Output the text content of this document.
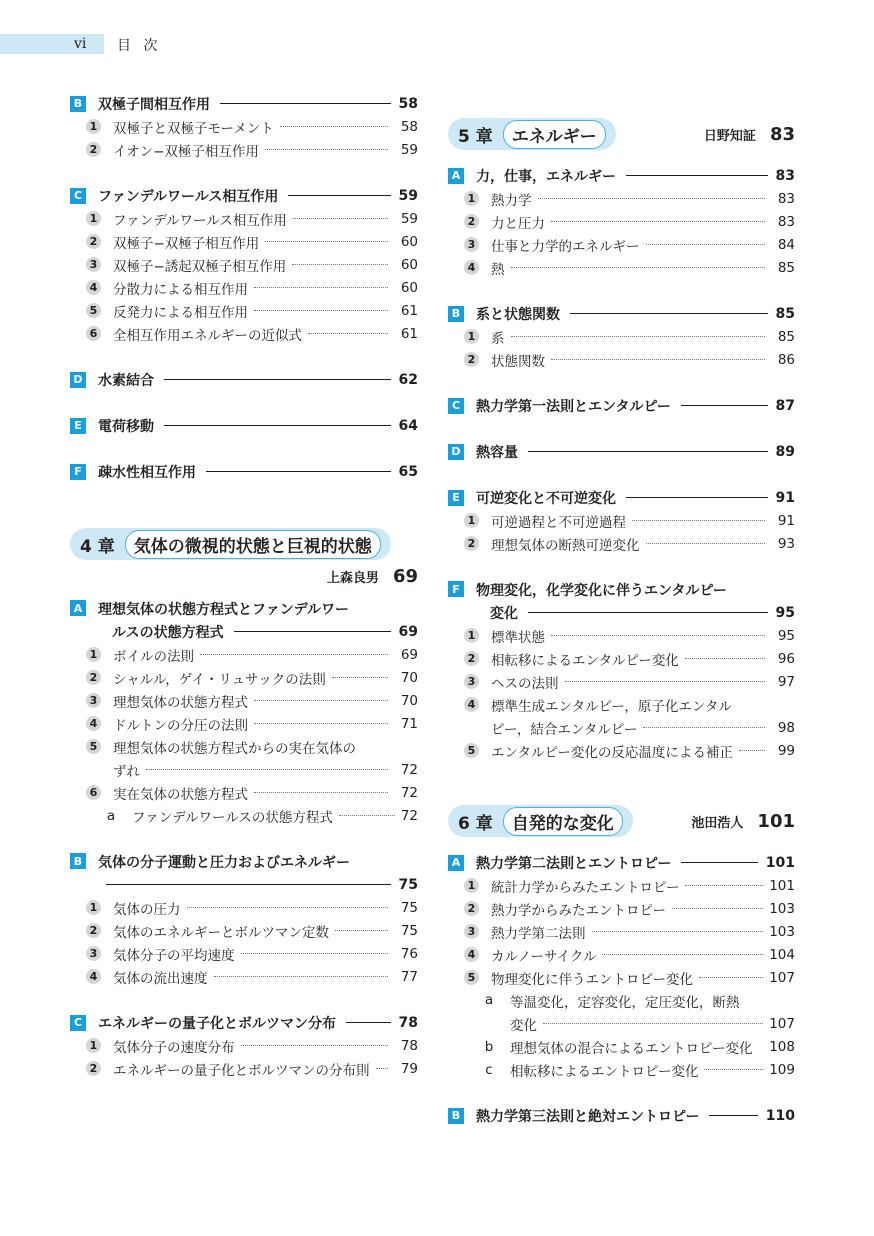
vi 目 次
B 双極子間相互作用	58
1 双極子と双極子モーメント	58
2 イオン−双極子相互作用	59
C ファンデルワールス相互作用	59
1 ファンデルワールス相互作用	59
2 双極子−双極子相互作用	60
3 双極子−誘起双極子相互作用	60
4 分散力による相互作用	60
5 反発力による相互作用	61
6 全相互作用エネルギーの近似式	61
D 水素結合	62
E	電荷移動	64
F	疎水性相互作用	65
4 章	気体の微視的状態と巨視的状態
上森良男 69
A 理想気体の状態方程式とファンデルワー
ルスの状態方程式	69
1 ボイルの法則	69
2 シャルル，ゲイ・リュサックの法則	70
3 理想気体の状態方程式	70
4 ドルトンの分圧の法則	71
5 理想気体の状態方程式からの実在気体の
ずれ	72
6 実在気体の状態方程式	72
a ファンデルワールスの状態方程式	72
B 気体の分子運動と圧力およびエネルギー
75
1 気体の圧力	75
2 気体のエネルギーとボルツマン定数	75
3 気体分子の平均速度	76
4 気体の流出速度	77
C エネルギーの量子化とボルツマン分布	78
1 気体分子の速度分布	78
2 エネルギーの量子化とボルツマンの分布則	79
5 章	エネルギー	日野知証 83
A 力，仕事，エネルギー	83
1 熱力学	83
2 力と圧力	83
3 仕事と力学的エネルギー	84
4 熱	85
B 系と状態関数	85
1 系	85
2 状態関数	86
C 熱力学第一法則とエンタルピー	87
D 熱容量	89
E	可逆変化と不可逆変化	91
1 可逆過程と不可逆過程	91
2 理想気体の断熱可逆変化	93
F	物理変化，化学変化に伴うエンタルピー
変化	95
1 標準状態	95
2 相転移によるエンタルピー変化	96
3 ヘスの法則	97
4 標準生成エンタルピー，原子化エンタル
ピー，結合エンタルピー	98
5 エンタルピー変化の反応温度による補正	99
6 章	自発的な変化	池田浩人 101
A 熱力学第二法則とエントロピー	101
1 統計力学からみたエントロピー	101
2 熱力学からみたエントロピー	103
3 熱力学第二法則	103
4 カルノーサイクル	104
5 物理変化に伴うエントロピー変化	107
a 等温変化，定容変化，定圧変化，断熱
変化	107
b 理想気体の混合によるエントロピー変化 108
c 相転移によるエントロピー変化	109
B 熱力学第三法則と絶対エントロピー	110
